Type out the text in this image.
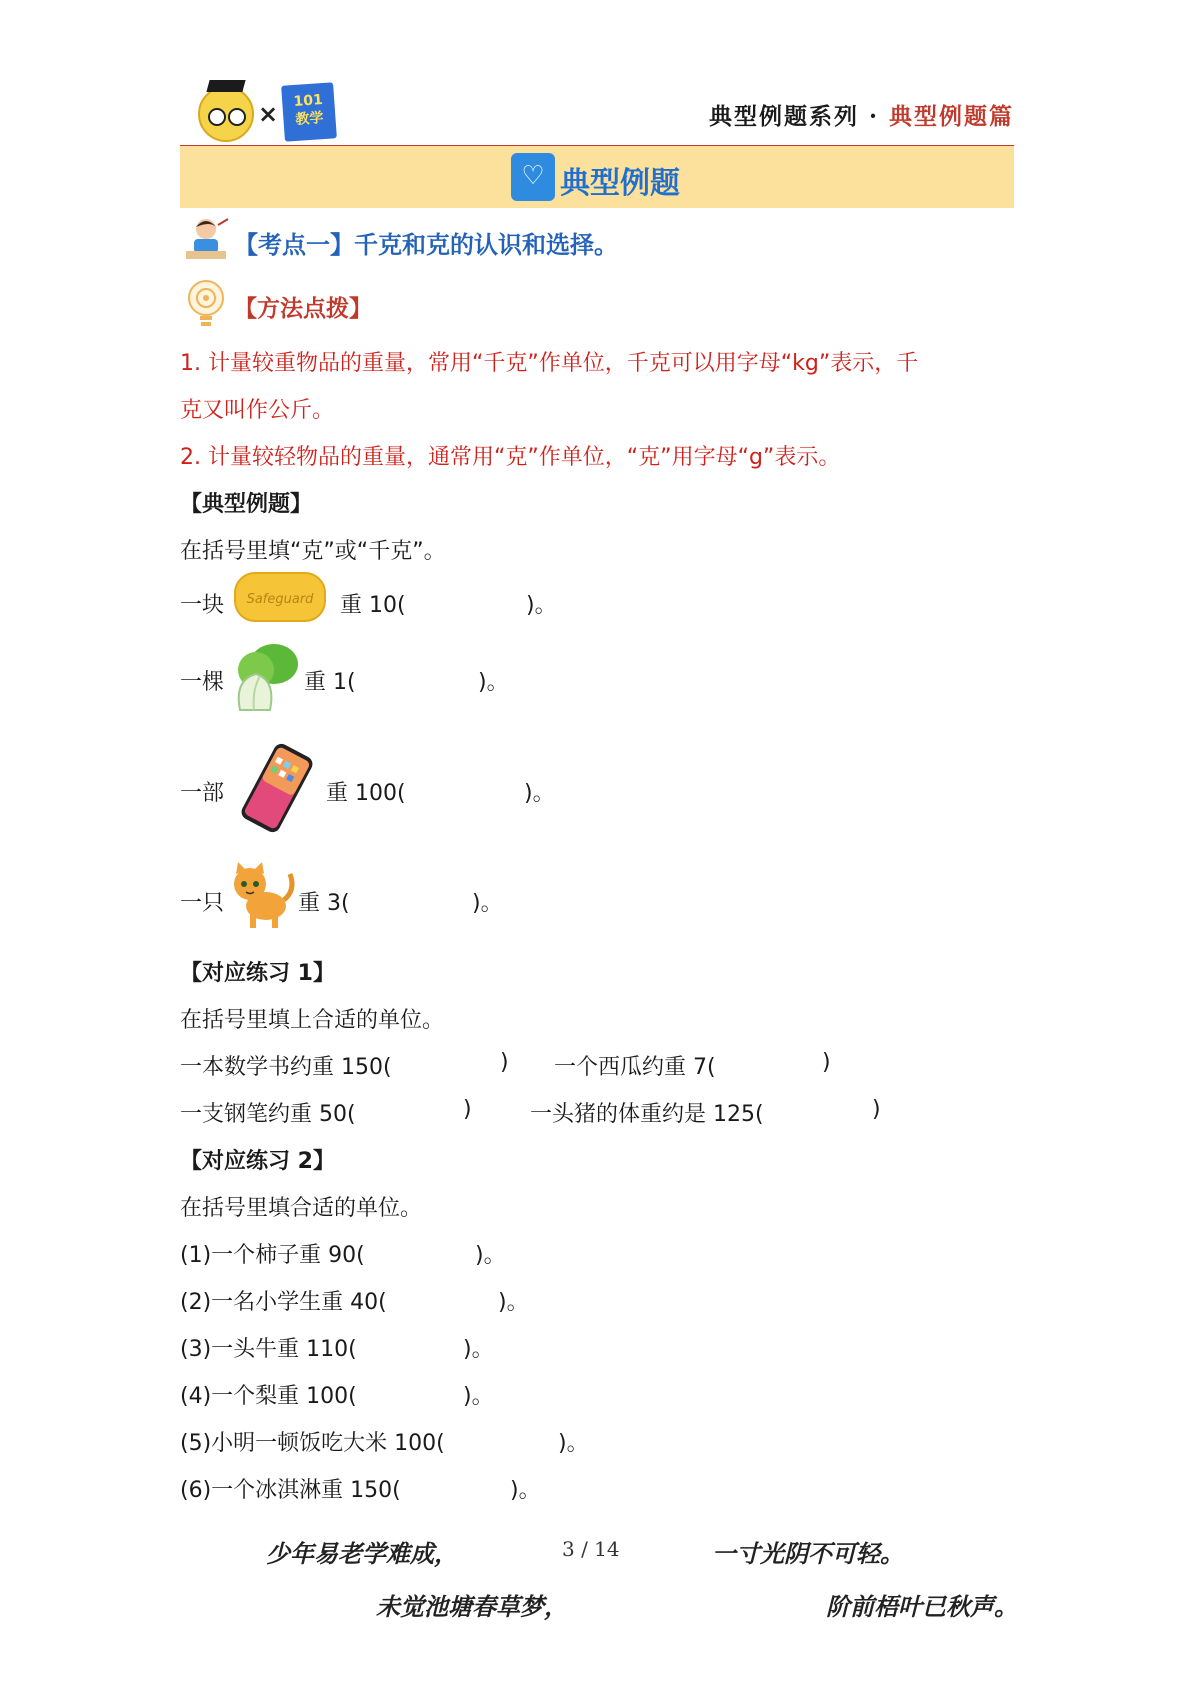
×	101
教学	典型例题系列 · 典型例题篇
♡ 典型例题
【考点一】千克和克的认识和选择。
【方法点拨】
1. 计量较重物品的重量，常用“千克”作单位，千克可以用字母“kg”表示，千
克又叫作公斤。
2. 计量较轻物品的重量，通常用“克”作单位，“克”用字母“g”表示。
【典型例题】
在括号里填“克”或“千克”。
一块 Safeguard 重 10(	)。
一棵	重 1(	)。
一部	重 100(	)。
一只	重 3(	)。
【对应练习 1】
在括号里填上合适的单位。
一本数学书约重 150(	) 一个西瓜约重 7(	)
一支钢笔约重 50(	)	一头猪的体重约是 125(	)
【对应练习 2】
在括号里填合适的单位。
(1)一个柿子重 90(	)。
(2)一名小学生重 40(	)。
(3)一头牛重 110(	)。
(4)一个梨重 100(	)。
(5)小明一顿饭吃大米 100(	)。
(6)一个冰淇淋重 150(	)。
少年易老学难成，	3 / 14	一寸光阴不可轻。
未觉池塘春草梦，	阶前梧叶已秋声。
